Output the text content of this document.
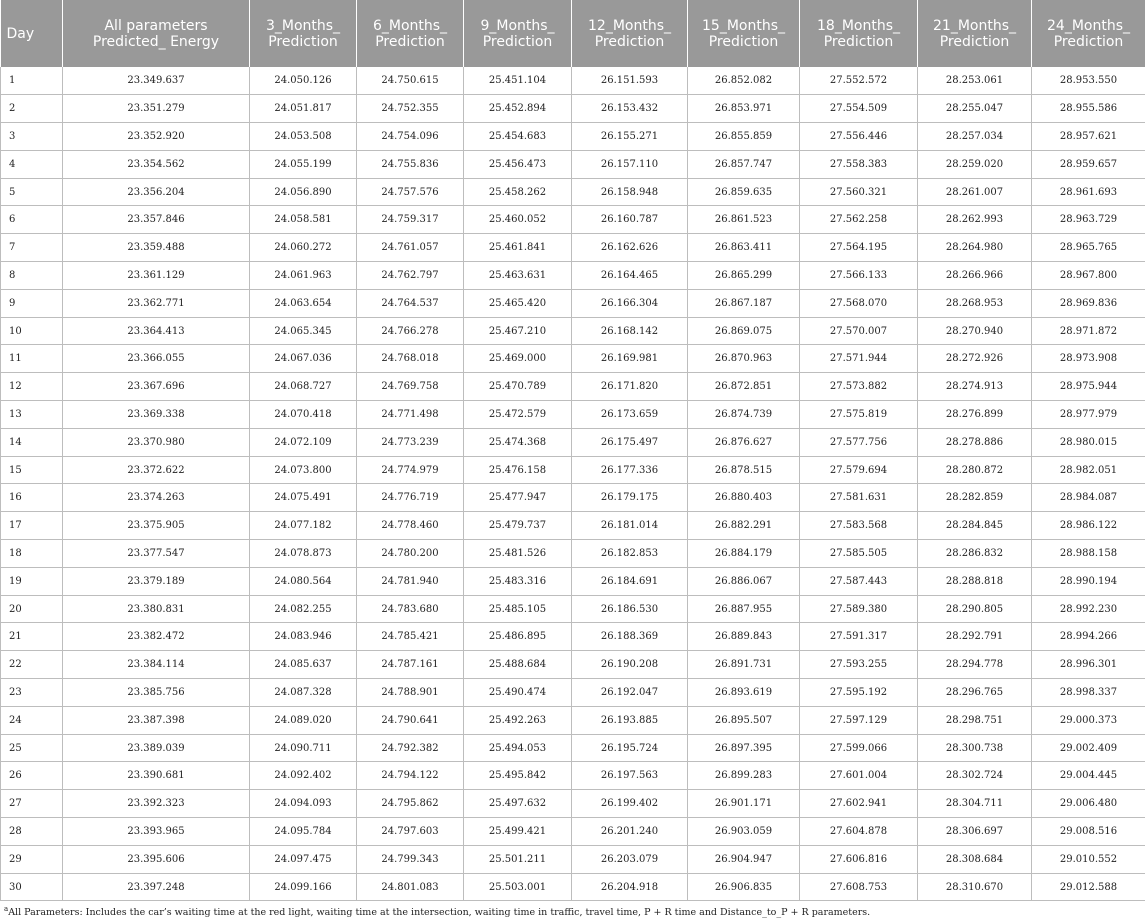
Day	All parameters Predicted_ Energy	3_Months_ Prediction	6_Months_ Prediction	9_Months_ Prediction	12_Months_ Prediction	15_Months_ Prediction	18_Months_ Prediction	21_Months_ Prediction	24_Months_ Prediction
1	23.349.637	24.050.126	24.750.615	25.451.104	26.151.593	26.852.082	27.552.572	28.253.061	28.953.550
2	23.351.279	24.051.817	24.752.355	25.452.894	26.153.432	26.853.971	27.554.509	28.255.047	28.955.586
3	23.352.920	24.053.508	24.754.096	25.454.683	26.155.271	26.855.859	27.556.446	28.257.034	28.957.621
4	23.354.562	24.055.199	24.755.836	25.456.473	26.157.110	26.857.747	27.558.383	28.259.020	28.959.657
5	23.356.204	24.056.890	24.757.576	25.458.262	26.158.948	26.859.635	27.560.321	28.261.007	28.961.693
6	23.357.846	24.058.581	24.759.317	25.460.052	26.160.787	26.861.523	27.562.258	28.262.993	28.963.729
7	23.359.488	24.060.272	24.761.057	25.461.841	26.162.626	26.863.411	27.564.195	28.264.980	28.965.765
8	23.361.129	24.061.963	24.762.797	25.463.631	26.164.465	26.865.299	27.566.133	28.266.966	28.967.800
9	23.362.771	24.063.654	24.764.537	25.465.420	26.166.304	26.867.187	27.568.070	28.268.953	28.969.836
10	23.364.413	24.065.345	24.766.278	25.467.210	26.168.142	26.869.075	27.570.007	28.270.940	28.971.872
11	23.366.055	24.067.036	24.768.018	25.469.000	26.169.981	26.870.963	27.571.944	28.272.926	28.973.908
12	23.367.696	24.068.727	24.769.758	25.470.789	26.171.820	26.872.851	27.573.882	28.274.913	28.975.944
13	23.369.338	24.070.418	24.771.498	25.472.579	26.173.659	26.874.739	27.575.819	28.276.899	28.977.979
14	23.370.980	24.072.109	24.773.239	25.474.368	26.175.497	26.876.627	27.577.756	28.278.886	28.980.015
15	23.372.622	24.073.800	24.774.979	25.476.158	26.177.336	26.878.515	27.579.694	28.280.872	28.982.051
16	23.374.263	24.075.491	24.776.719	25.477.947	26.179.175	26.880.403	27.581.631	28.282.859	28.984.087
17	23.375.905	24.077.182	24.778.460	25.479.737	26.181.014	26.882.291	27.583.568	28.284.845	28.986.122
18	23.377.547	24.078.873	24.780.200	25.481.526	26.182.853	26.884.179	27.585.505	28.286.832	28.988.158
19	23.379.189	24.080.564	24.781.940	25.483.316	26.184.691	26.886.067	27.587.443	28.288.818	28.990.194
20	23.380.831	24.082.255	24.783.680	25.485.105	26.186.530	26.887.955	27.589.380	28.290.805	28.992.230
21	23.382.472	24.083.946	24.785.421	25.486.895	26.188.369	26.889.843	27.591.317	28.292.791	28.994.266
22	23.384.114	24.085.637	24.787.161	25.488.684	26.190.208	26.891.731	27.593.255	28.294.778	28.996.301
23	23.385.756	24.087.328	24.788.901	25.490.474	26.192.047	26.893.619	27.595.192	28.296.765	28.998.337
24	23.387.398	24.089.020	24.790.641	25.492.263	26.193.885	26.895.507	27.597.129	28.298.751	29.000.373
25	23.389.039	24.090.711	24.792.382	25.494.053	26.195.724	26.897.395	27.599.066	28.300.738	29.002.409
26	23.390.681	24.092.402	24.794.122	25.495.842	26.197.563	26.899.283	27.601.004	28.302.724	29.004.445
27	23.392.323	24.094.093	24.795.862	25.497.632	26.199.402	26.901.171	27.602.941	28.304.711	29.006.480
28	23.393.965	24.095.784	24.797.603	25.499.421	26.201.240	26.903.059	27.604.878	28.306.697	29.008.516
29	23.395.606	24.097.475	24.799.343	25.501.211	26.203.079	26.904.947	27.606.816	28.308.684	29.010.552
30	23.397.248	24.099.166	24.801.083	25.503.001	26.204.918	26.906.835	27.608.753	28.310.670	29.012.588
$^a$All Parameters: Includes the car’s waiting time at the red light, waiting time at the intersection, waiting time in traffic, travel time, P + R time and Distance_to_P + R parameters.
